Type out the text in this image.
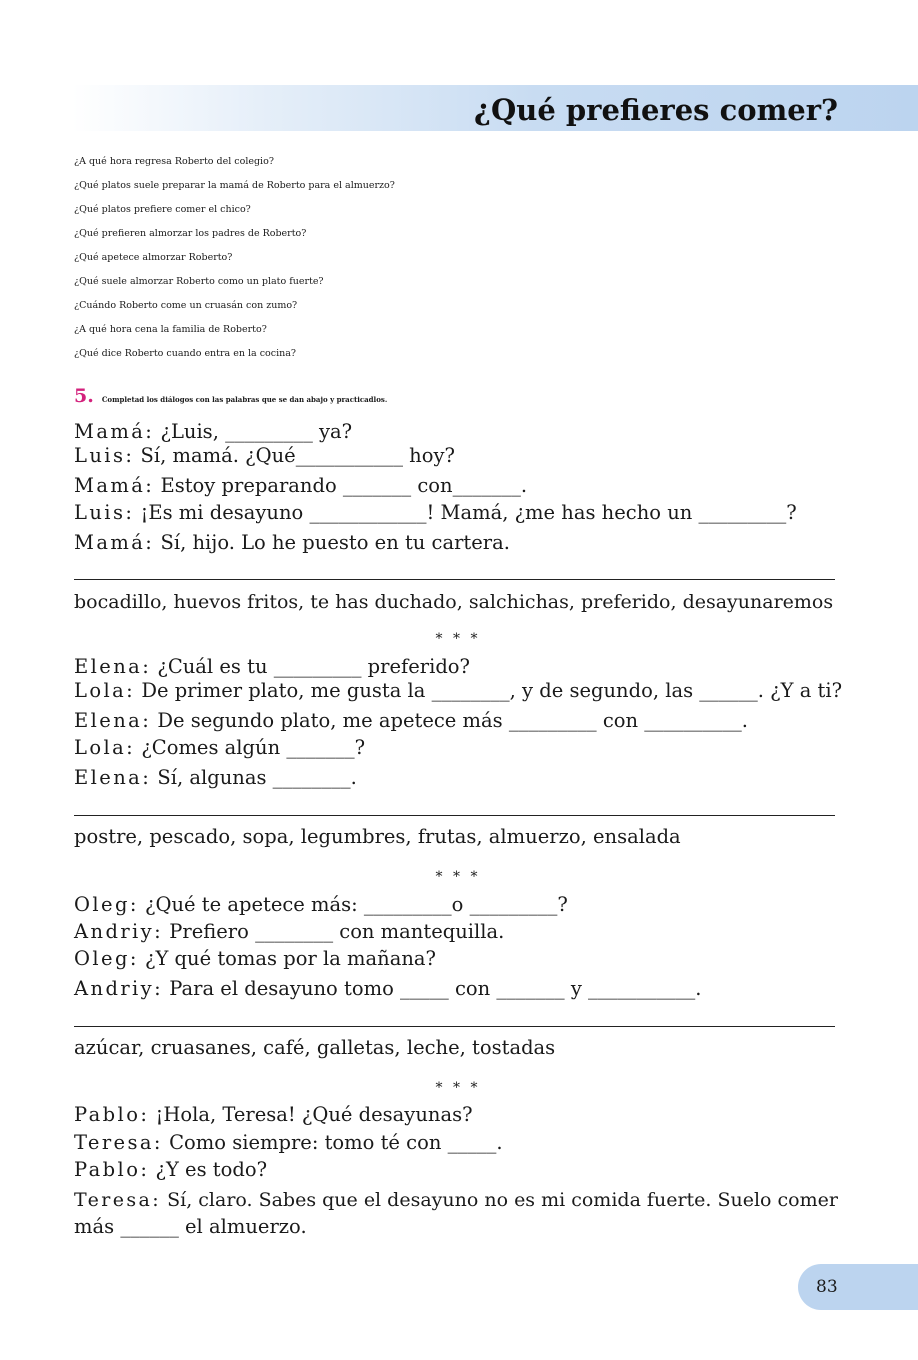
¿Qué prefieres comer?
¿A qué hora regresa Roberto del colegio?
¿Qué platos suele preparar la mamá de Roberto para el almuerzo?
¿Qué platos prefiere comer el chico?
¿Qué prefieren almorzar los padres de Roberto?
¿Qué apetece almorzar Roberto?
¿Qué suele almorzar Roberto como un plato fuerte?
¿Cuándo Roberto come un cruasán con zumo?
¿A qué hora cena la familia de Roberto?
¿Qué dice Roberto cuando entra en la cocina?
5. Completad los diálogos con las palabras que se dan abajo y practicadlos.
Mamá: ¿Luis, _________ ya?
Luis: Sí, mamá. ¿Qué___________ hoy?
Mamá: Estoy preparando _______ con_______.
Luis: ¡Es mi desayuno ____________! Mamá, ¿me has hecho un _________?
Mamá: Sí, hijo. Lo he puesto en tu cartera.
bocadillo, huevos fritos, te has duchado, salchichas, preferido, desayunaremos
* * *
Elena: ¿Cuál es tu _________ preferido?
Lola: De primer plato, me gusta la ________, y de segundo, las ______. ¿Y a ti?
Elena: De segundo plato, me apetece más _________ con __________.
Lola: ¿Comes algún _______?
Elena: Sí, algunas ________.
postre, pescado, sopa, legumbres, frutas, almuerzo, ensalada
* * *
Oleg: ¿Qué te apetece más: _________o _________?
Andriy: Prefiero ________ con mantequilla.
Oleg: ¿Y qué tomas por la mañana?
Andriy: Para el desayuno tomo _____ con _______ y ___________.
azúcar, cruasanes, café, galletas, leche, tostadas
* * *
Pablo: ¡Hola, Teresa! ¿Qué desayunas?
Teresa: Como siempre: tomo té con _____.
Pablo: ¿Y es todo?
Teresa: Sí, claro. Sabes que el desayuno no es mi comida fuerte. Suelo comer
más ______ el almuerzo.
83
